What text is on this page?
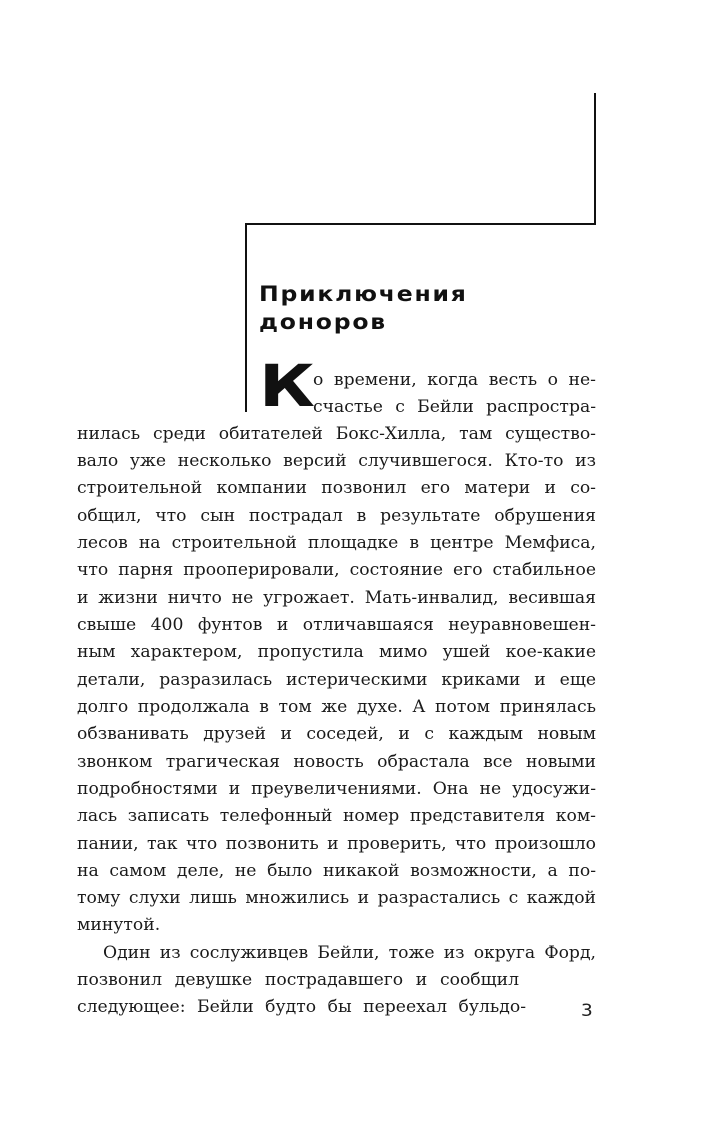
Приключения
доноров
К
о времени, когда весть о не-
счастье с Бейли распростра-
нилась среди обитателей Бокс-Хилла, там существо-
вало уже несколько версий случившегося. Кто-то из
строительной компании позвонил его матери и со-
общил, что сын пострадал в результате обрушения
лесов на строительной площадке в центре Мемфиса,
что парня прооперировали, состояние его стабильное
и жизни ничто не угрожает. Мать-инвалид, весившая
свыше 400 фунтов и отличавшаяся неуравновешен-
ным характером, пропустила мимо ушей кое-какие
детали, разразилась истерическими криками и еще
долго продолжала в том же духе. А потом принялась
обзванивать друзей и соседей, и с каждым новым
звонком трагическая новость обрастала все новыми
подробностями и преувеличениями. Она не удосужи-
лась записать телефонный номер представителя ком-
пании, так что позвонить и проверить, что произошло
на самом деле, не было никакой возможности, а по-
тому слухи лишь множились и разрастались с каждой
минутой.
Один из сослуживцев Бейли, тоже из округа Форд,
позвонил девушке пострадавшего и сообщил
следующее: Бейли будто бы переехал бульдо-	3
